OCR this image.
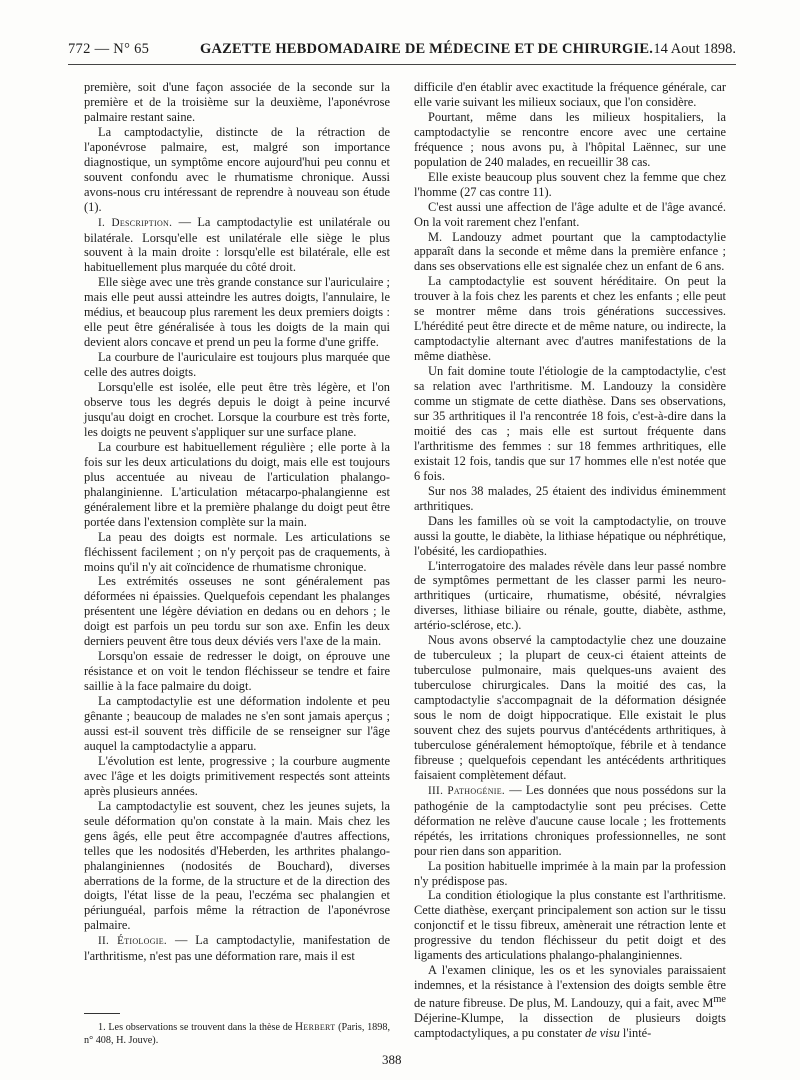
772 — N° 65	GAZETTE HEBDOMADAIRE DE MÉDECINE ET DE CHIRURGIE. 14 Aout 1898.

première, soit d'une façon associée de la seconde sur la première et de la troisième sur la deuxième, l'aponévrose palmaire restant saine.

La camptodactylie, distincte de la rétraction de l'aponévrose palmaire, est, malgré son importance diagnostique, un symptôme encore aujourd'hui peu connu et souvent confondu avec le rhumatisme chronique. Aussi avons-nous cru intéressant de reprendre à nouveau son étude (1).

I. Description. — La camptodactylie est unilatérale ou bilatérale. Lorsqu'elle est unilatérale elle siège le plus souvent à la main droite : lorsqu'elle est bilatérale, elle est habituellement plus marquée du côté droit.

Elle siège avec une très grande constance sur l'auriculaire ; mais elle peut aussi atteindre les autres doigts, l'annulaire, le médius, et beaucoup plus rarement les deux premiers doigts : elle peut être généralisée à tous les doigts de la main qui devient alors concave et prend un peu la forme d'une griffe.

La courbure de l'auriculaire est toujours plus marquée que celle des autres doigts.

Lorsqu'elle est isolée, elle peut être très légère, et l'on observe tous les degrés depuis le doigt à peine incurvé jusqu'au doigt en crochet. Lorsque la courbure est très forte, les doigts ne peuvent s'appliquer sur une surface plane.

La courbure est habituellement régulière ; elle porte à la fois sur les deux articulations du doigt, mais elle est toujours plus accentuée au niveau de l'articulation phalango-phalanginienne. L'articulation métacarpo-phalangienne est généralement libre et la première phalange du doigt peut être portée dans l'extension complète sur la main.

La peau des doigts est normale. Les articulations se fléchissent facilement ; on n'y perçoit pas de craquements, à moins qu'il n'y ait coïncidence de rhumatisme chronique.

Les extrémités osseuses ne sont généralement pas déformées ni épaissies. Quelquefois cependant les phalanges présentent une légère déviation en dedans ou en dehors ; le doigt est parfois un peu tordu sur son axe. Enfin les deux derniers peuvent être tous deux déviés vers l'axe de la main.

Lorsqu'on essaie de redresser le doigt, on éprouve une résistance et on voit le tendon fléchisseur se tendre et faire saillie à la face palmaire du doigt.

La camptodactylie est une déformation indolente et peu gênante ; beaucoup de malades ne s'en sont jamais aperçus ; aussi est-il souvent très difficile de se renseigner sur l'âge auquel la camptodactylie a apparu.

L'évolution est lente, progressive ; la courbure augmente avec l'âge et les doigts primitivement respectés sont atteints après plusieurs années.

La camptodactylie est souvent, chez les jeunes sujets, la seule déformation qu'on constate à la main. Mais chez les gens âgés, elle peut être accompagnée d'autres affections, telles que les nodosités d'Heberden, les arthrites phalango-phalanginiennes (nodosités de Bouchard), diverses aberrations de la forme, de la structure et de la direction des doigts, l'état lisse de la peau, l'eczéma sec phalangien et périunguéal, parfois même la rétraction de l'aponévrose palmaire.

II. Étiologie. — La camptodactylie, manifestation de l'arthritisme, n'est pas une déformation rare, mais il est

difficile d'en établir avec exactitude la fréquence générale, car elle varie suivant les milieux sociaux, que l'on considère.

Pourtant, même dans les milieux hospitaliers, la camptodactylie se rencontre encore avec une certaine fréquence ; nous avons pu, à l'hôpital Laënnec, sur une population de 240 malades, en recueillir 38 cas.

Elle existe beaucoup plus souvent chez la femme que chez l'homme (27 cas contre 11).

C'est aussi une affection de l'âge adulte et de l'âge avancé. On la voit rarement chez l'enfant.

M. Landouzy admet pourtant que la camptodactylie apparaît dans la seconde et même dans la première enfance ; dans ses observations elle est signalée chez un enfant de 6 ans.

La camptodactylie est souvent héréditaire. On peut la trouver à la fois chez les parents et chez les enfants ; elle peut se montrer même dans trois générations successives. L'hérédité peut être directe et de même nature, ou indirecte, la camptodactylie alternant avec d'autres manifestations de la même diathèse.

Un fait domine toute l'étiologie de la camptodactylie, c'est sa relation avec l'arthritisme. M. Landouzy la considère comme un stigmate de cette diathèse. Dans ses observations, sur 35 arthritiques il l'a rencontrée 18 fois, c'est-à-dire dans la moitié des cas ; mais elle est surtout fréquente dans l'arthritisme des femmes : sur 18 femmes arthritiques, elle existait 12 fois, tandis que sur 17 hommes elle n'est notée que 6 fois.

Sur nos 38 malades, 25 étaient des individus éminemment arthritiques.

Dans les familles où se voit la camptodactylie, on trouve aussi la goutte, le diabète, la lithiase hépatique ou néphrétique, l'obésité, les cardiopathies.

L'interrogatoire des malades révèle dans leur passé nombre de symptômes permettant de les classer parmi les neuro-arthritiques (urticaire, rhumatisme, obésité, névralgies diverses, lithiase biliaire ou rénale, goutte, diabète, asthme, artério-sclérose, etc.).

Nous avons observé la camptodactylie chez une douzaine de tuberculeux ; la plupart de ceux-ci étaient atteints de tuberculose pulmonaire, mais quelques-uns avaient des tuberculose chirurgicales. Dans la moitié des cas, la camptodactylie s'accompagnait de la déformation désignée sous le nom de doigt hippocratique. Elle existait le plus souvent chez des sujets pourvus d'antécédents arthritiques, à tuberculose généralement hémoptoïque, fébrile et à tendance fibreuse ; quelquefois cependant les antécédents arthritiques faisaient complètement défaut.

III. Pathogénie. — Les données que nous possédons sur la pathogénie de la camptodactylie sont peu précises. Cette déformation ne relève d'aucune cause locale ; les frottements répétés, les irritations chroniques professionnelles, ne sont pour rien dans son apparition.

La position habituelle imprimée à la main par la profession n'y prédispose pas.

La condition étiologique la plus constante est l'arthritisme. Cette diathèse, exerçant principalement son action sur le tissu conjonctif et le tissu fibreux, amènerait une rétraction lente et progressive du tendon fléchisseur du petit doigt et des ligaments des articulations phalango-phalanginiennes.

A l'examen clinique, les os et les synoviales paraissaient indemnes, et la résistance à l'extension des doigts semble être de nature fibreuse. De plus, M. Landouzy, qui a fait, avec $M^{me}$ Déjerine-Klumpe, la dissection de plusieurs doigts camptodactyliques, a pu constater de visu l'inté-

1. Les observations se trouvent dans la thèse de Herbert (Paris, 1898, n° 408, H. Jouve).
388
